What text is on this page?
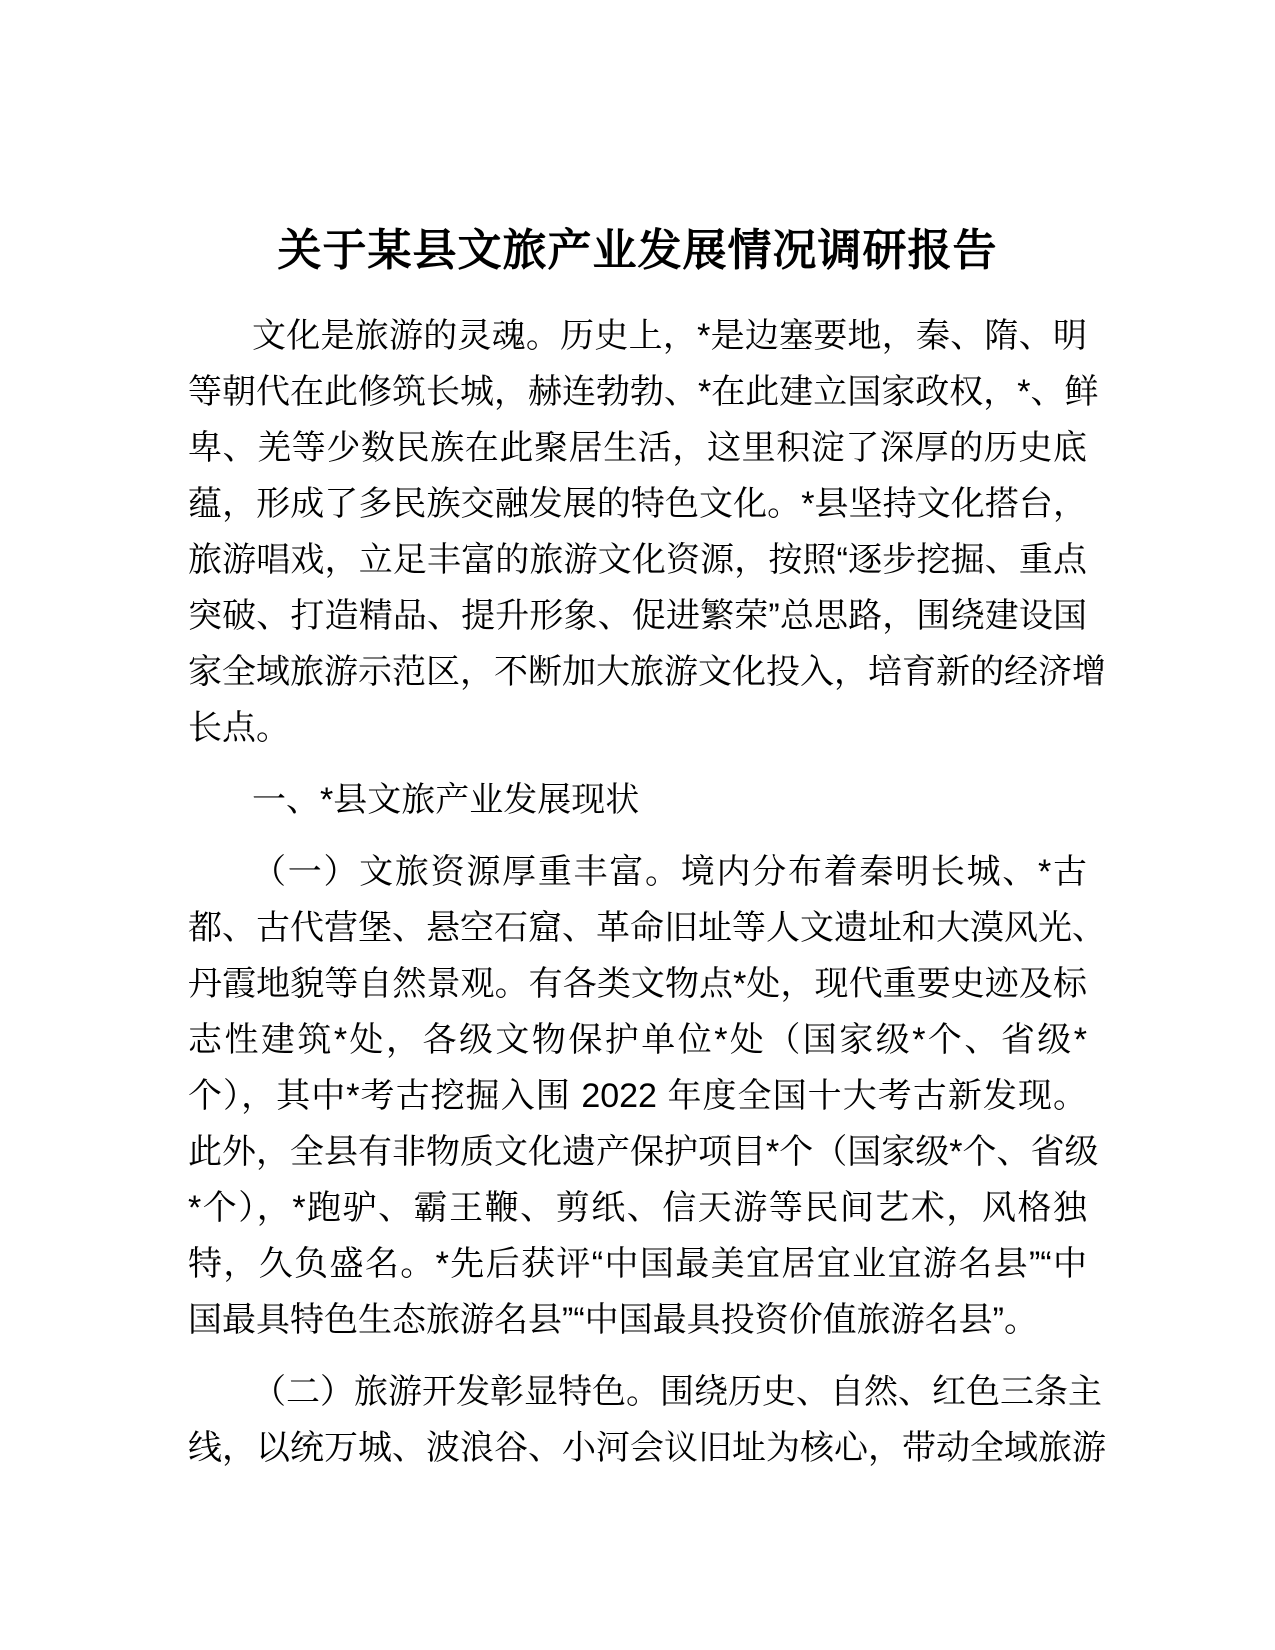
关于某县文旅产业发展情况调研报告
文化是旅游的灵魂。历史上，*是边塞要地，秦、隋、明
等朝代在此修筑长城，赫连勃勃、*在此建立国家政权，*、鲜
卑、羌等少数民族在此聚居生活，这里积淀了深厚的历史底
蕴，形成了多民族交融发展的特色文化。*县坚持文化搭台，
旅游唱戏，立足丰富的旅游文化资源，按照“逐步挖掘、重点
突破、打造精品、提升形象、促进繁荣”总思路，围绕建设国
家全域旅游示范区，不断加大旅游文化投入，培育新的经济增
长点。
一、*县文旅产业发展现状
（一）文旅资源厚重丰富。境内分布着秦明长城、*古
都、古代营堡、悬空石窟、革命旧址等人文遗址和大漠风光、
丹霞地貌等自然景观。有各类文物点*处，现代重要史迹及标
志性建筑*处，各级文物保护单位*处（国家级*个、省级*
个），其中*考古挖掘入围 2022 年度全国十大考古新发现。
此外，全县有非物质文化遗产保护项目*个（国家级*个、省级
*个），*跑驴、霸王鞭、剪纸、信天游等民间艺术，风格独
特，久负盛名。*先后获评“中国最美宜居宜业宜游名县”“中
国最具特色生态旅游名县”“中国最具投资价值旅游名县”。
（二）旅游开发彰显特色。围绕历史、自然、红色三条主
线，以统万城、波浪谷、小河会议旧址为核心，带动全域旅游
